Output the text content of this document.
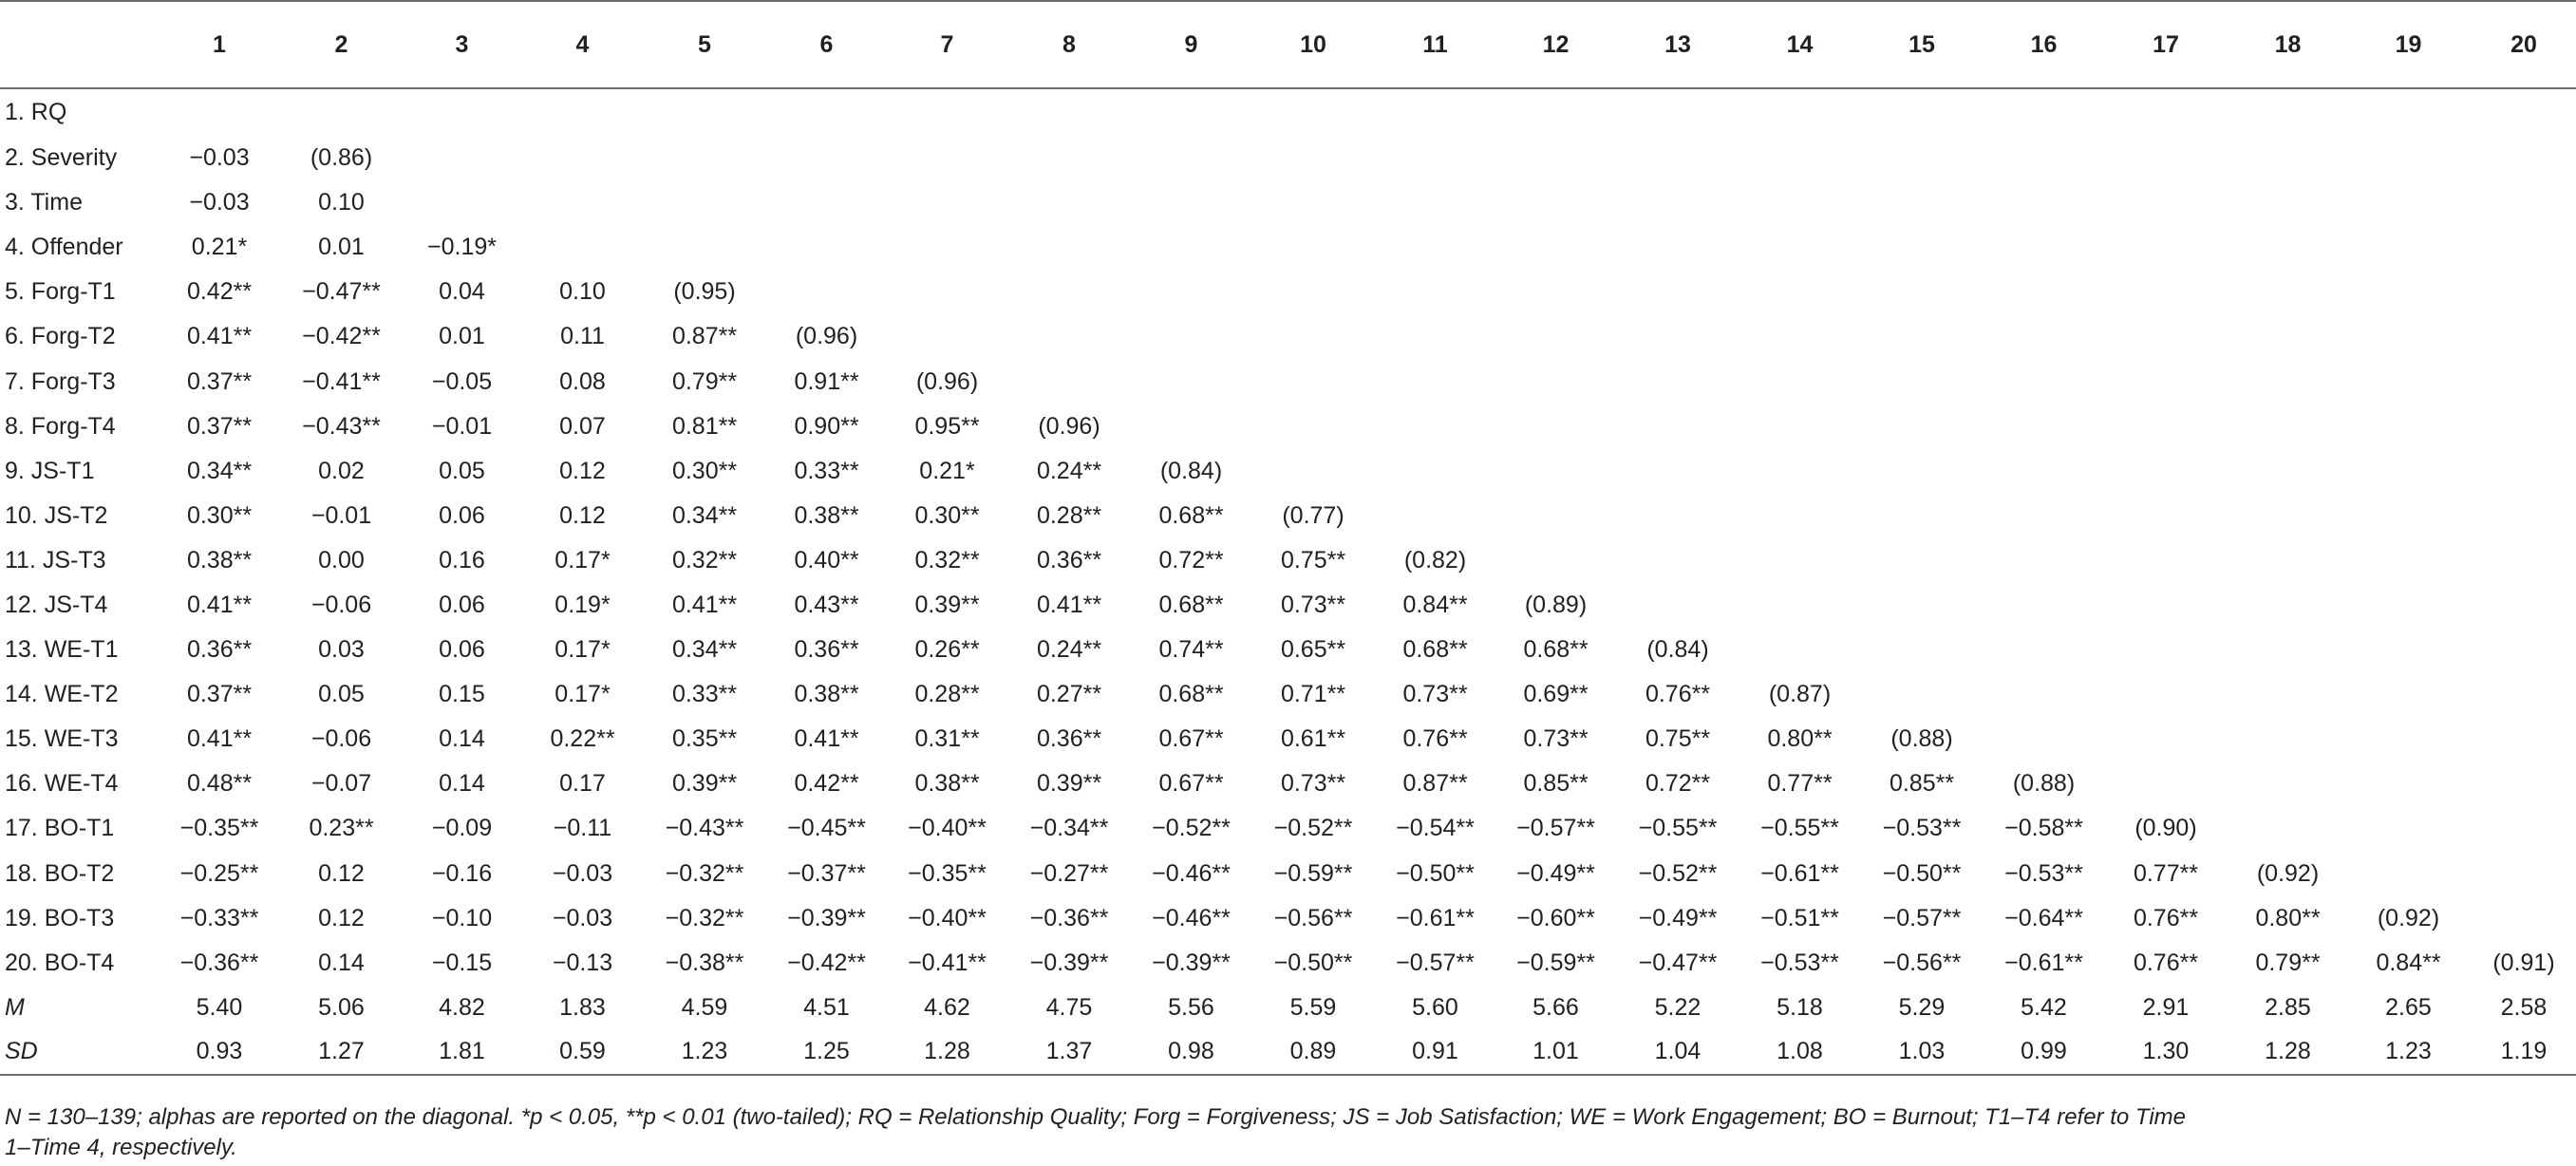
	1	2	3	4	5	6	7	8	9	10	11	12	13	14	15	16	17	18	19	20
1. RQ																				
2. Severity	−0.03	(0.86)																		
3. Time	−0.03	0.10																		
4. Offender	0.21*	0.01	−0.19*																	
5. Forg-T1	0.42**	−0.47**	0.04	0.10	(0.95)															
6. Forg-T2	0.41**	−0.42**	0.01	0.11	0.87**	(0.96)														
7. Forg-T3	0.37**	−0.41**	−0.05	0.08	0.79**	0.91**	(0.96)													
8. Forg-T4	0.37**	−0.43**	−0.01	0.07	0.81**	0.90**	0.95**	(0.96)												
9. JS-T1	0.34**	0.02	0.05	0.12	0.30**	0.33**	0.21*	0.24**	(0.84)											
10. JS-T2	0.30**	−0.01	0.06	0.12	0.34**	0.38**	0.30**	0.28**	0.68**	(0.77)										
11. JS-T3	0.38**	0.00	0.16	0.17*	0.32**	0.40**	0.32**	0.36**	0.72**	0.75**	(0.82)									
12. JS-T4	0.41**	−0.06	0.06	0.19*	0.41**	0.43**	0.39**	0.41**	0.68**	0.73**	0.84**	(0.89)								
13. WE-T1	0.36**	0.03	0.06	0.17*	0.34**	0.36**	0.26**	0.24**	0.74**	0.65**	0.68**	0.68**	(0.84)							
14. WE-T2	0.37**	0.05	0.15	0.17*	0.33**	0.38**	0.28**	0.27**	0.68**	0.71**	0.73**	0.69**	0.76**	(0.87)						
15. WE-T3	0.41**	−0.06	0.14	0.22**	0.35**	0.41**	0.31**	0.36**	0.67**	0.61**	0.76**	0.73**	0.75**	0.80**	(0.88)					
16. WE-T4	0.48**	−0.07	0.14	0.17	0.39**	0.42**	0.38**	0.39**	0.67**	0.73**	0.87**	0.85**	0.72**	0.77**	0.85**	(0.88)				
17. BO-T1	−0.35**	0.23**	−0.09	−0.11	−0.43**	−0.45**	−0.40**	−0.34**	−0.52**	−0.52**	−0.54**	−0.57**	−0.55**	−0.55**	−0.53**	−0.58**	(0.90)			
18. BO-T2	−0.25**	0.12	−0.16	−0.03	−0.32**	−0.37**	−0.35**	−0.27**	−0.46**	−0.59**	−0.50**	−0.49**	−0.52**	−0.61**	−0.50**	−0.53**	0.77**	(0.92)		
19. BO-T3	−0.33**	0.12	−0.10	−0.03	−0.32**	−0.39**	−0.40**	−0.36**	−0.46**	−0.56**	−0.61**	−0.60**	−0.49**	−0.51**	−0.57**	−0.64**	0.76**	0.80**	(0.92)	
20. BO-T4	−0.36**	0.14	−0.15	−0.13	−0.38**	−0.42**	−0.41**	−0.39**	−0.39**	−0.50**	−0.57**	−0.59**	−0.47**	−0.53**	−0.56**	−0.61**	0.76**	0.79**	0.84**	(0.91)
M	5.40	5.06	4.82	1.83	4.59	4.51	4.62	4.75	5.56	5.59	5.60	5.66	5.22	5.18	5.29	5.42	2.91	2.85	2.65	2.58
SD	0.93	1.27	1.81	0.59	1.23	1.25	1.28	1.37	0.98	0.89	0.91	1.01	1.04	1.08	1.03	0.99	1.30	1.28	1.23	1.19
N = 130–139; alphas are reported on the diagonal. *p < 0.05, **p < 0.01 (two-tailed); RQ = Relationship Quality; Forg = Forgiveness; JS = Job Satisfaction; WE = Work Engagement; BO = Burnout; T1–T4 refer to Time
1–Time 4, respectively.
